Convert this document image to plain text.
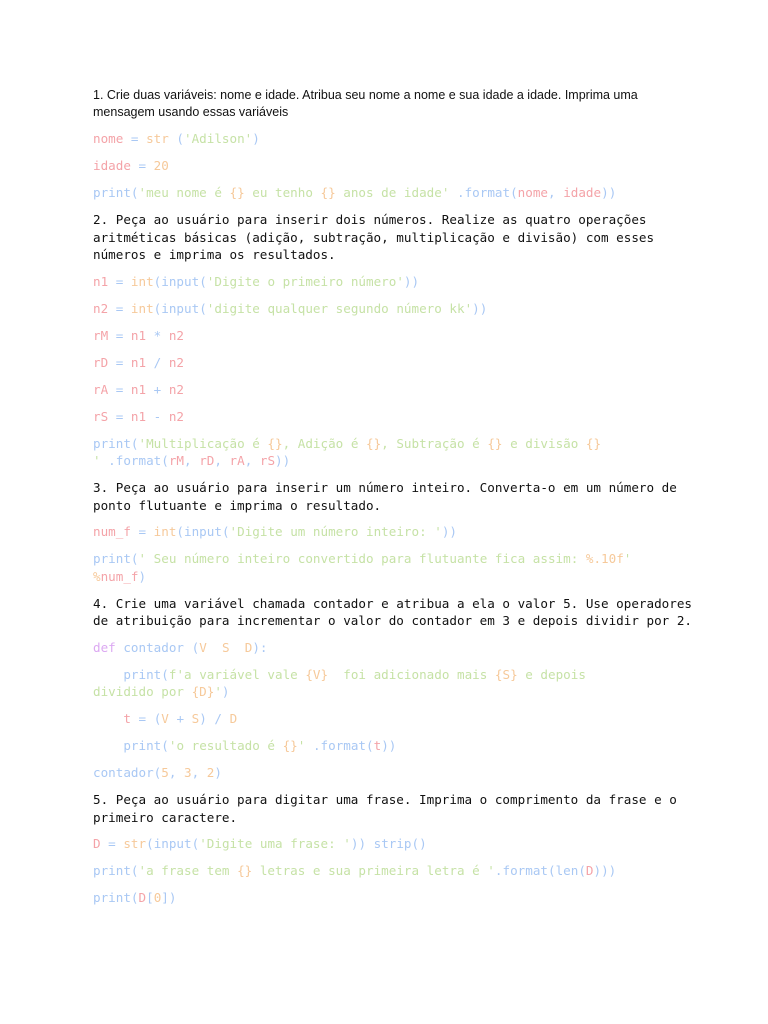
1. Crie duas variáveis: nome e idade. Atribua seu nome a nome e sua idade a idade. Imprima uma mensagem usando essas variáveis

nome = str ('Adilson')

idade = 20

print('meu nome é {} eu tenho {} anos de idade' .format(nome, idade))

2. Peça ao usuário para inserir dois números. Realize as quatro operações aritméticas básicas (adição, subtração, multiplicação e divisão) com esses números e imprima os resultados.

n1 = int(input('Digite o primeiro número'))

n2 = int(input('digite qualquer segundo número kk'))

rM = n1 * n2

rD = n1 / n2

rA = n1 + n2

rS = n1 - n2

print('Multiplicação é {}, Adição é {}, Subtração é {} e divisão {}
' .format(rM, rD, rA, rS))

3. Peça ao usuário para inserir um número inteiro. Converta-o em um número de ponto flutuante e imprima o resultado.

num_f = int(input('Digite um número inteiro: '))

print(' Seu número inteiro convertido para flutuante fica assim: %.10f'
%num_f)

4. Crie uma variável chamada contador e atribua a ela o valor 5. Use operadores de atribuição para incrementar o valor do contador em 3 e depois dividir por 2.

def contador (V S D):

print(f'a variável vale {V}  foi adicionado mais {S} e depois
dividido por {D}')

t = (V + S) / D

print('o resultado é {}' .format(t))

contador(5, 3, 2)

5. Peça ao usuário para digitar uma frase. Imprima o comprimento da frase e o primeiro caractere.

D = str(input('Digite uma frase: ')) strip()

print('a frase tem {} letras e sua primeira letra é '.format(len(D)))

print(D[0])
